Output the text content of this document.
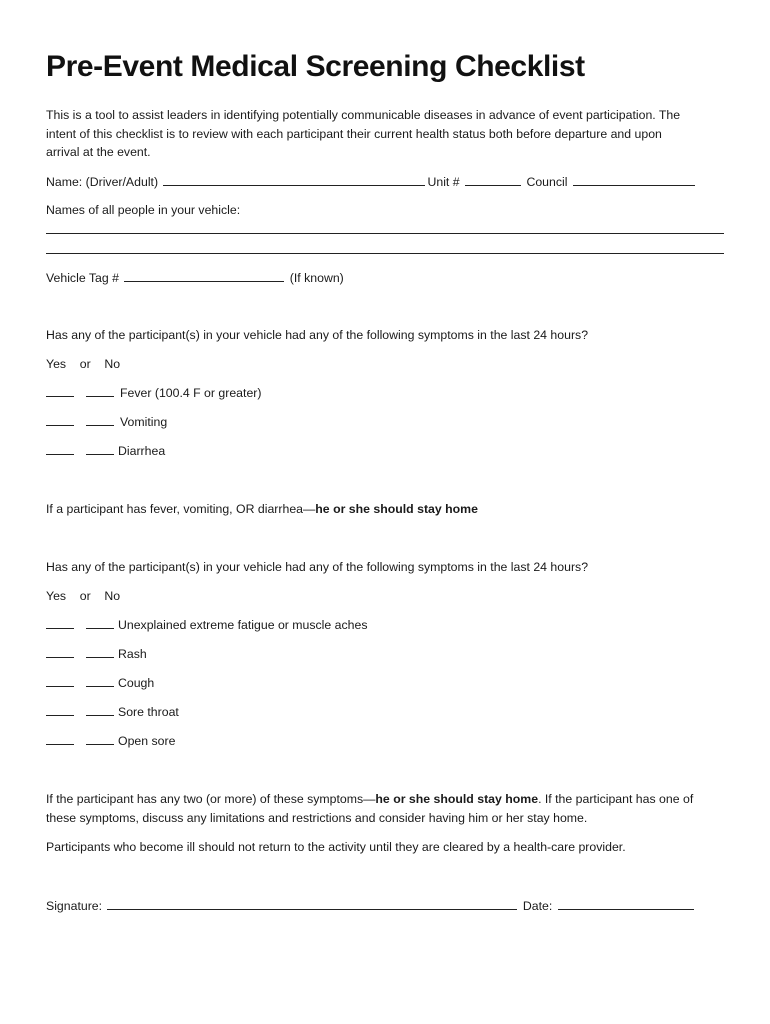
Pre-Event Medical Screening Checklist
This is a tool to assist leaders in identifying potentially communicable diseases in advance of event participation. The
intent of this checklist is to review with each participant their current health status both before departure and upon
arrival at the event.
Name: (Driver/Adult)	Unit #	Council
Names of all people in your vehicle:
Vehicle Tag #	(If known)
Has any of the participant(s) in your vehicle had any of the following symptoms in the last 24 hours?
Yes    or    No
Fever (100.4 F or greater)
Vomiting
Diarrhea
If a participant has fever, vomiting, OR diarrhea—he or she should stay home
Has any of the participant(s) in your vehicle had any of the following symptoms in the last 24 hours?
Yes    or    No
Unexplained extreme fatigue or muscle aches
Rash
Cough
Sore throat
Open sore
If the participant has any two (or more) of these symptoms—he or she should stay home. If the participant has one of
these symptoms, discuss any limitations and restrictions and consider having him or her stay home.
Participants who become ill should not return to the activity until they are cleared by a health-care provider.
Signature:	Date:
